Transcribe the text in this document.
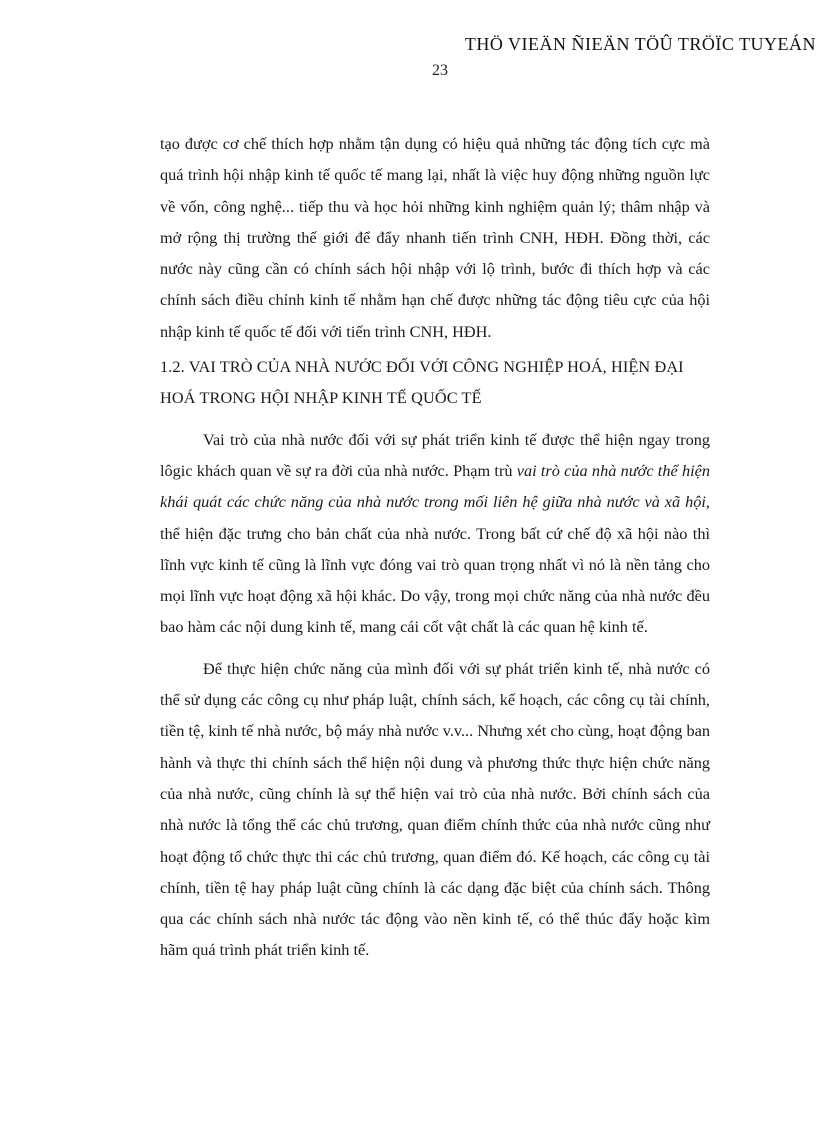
THÖ VIEÄN ÑIEÄN TÖÛ TRÖÏC TUYEÁN
23

tạo được cơ chế thích hợp nhằm tận dụng có hiệu quả những tác động tích cực mà quá trình hội nhập kinh tế quốc tế mang lại, nhất là việc huy động những nguồn lực về vốn, công nghệ... tiếp thu và học hỏi những kinh nghiệm quản lý; thâm nhập và mở rộng thị trường thế giới để đẩy nhanh tiến trình CNH, HĐH. Đồng thời, các nước này cũng cần có chính sách hội nhập với lộ trình, bước đi thích hợp và các chính sách điều chỉnh kinh tế nhằm hạn chế được những tác động tiêu cực của hội nhập kinh tế quốc tế đối với tiến trình CNH, HĐH.

1.2. VAI TRÒ CỦA NHÀ NƯỚC ĐỐI VỚI CÔNG NGHIỆP HOÁ, HIỆN ĐẠI HOÁ TRONG HỘI NHẬP KINH TẾ QUỐC TẾ

Vai trò của nhà nước đối với sự phát triển kinh tế được thể hiện ngay trong lôgic khách quan về sự ra đời của nhà nước. Phạm trù vai trò của nhà nước thể hiện khái quát các chức năng của nhà nước trong mối liên hệ giữa nhà nước và xã hội, thể hiện đặc trưng cho bản chất của nhà nước. Trong bất cứ chế độ xã hội nào thì lĩnh vực kinh tế cũng là lĩnh vực đóng vai trò quan trọng nhất vì nó là nền tảng cho mọi lĩnh vực hoạt động xã hội khác. Do vậy, trong mọi chức năng của nhà nước đều bao hàm các nội dung kinh tế, mang cái cốt vật chất là các quan hệ kinh tế.

Để thực hiện chức năng của mình đối với sự phát triển kinh tế, nhà nước có thể sử dụng các công cụ như pháp luật, chính sách, kế hoạch, các công cụ tài chính, tiền tệ, kinh tế nhà nước, bộ máy nhà nước v.v... Nhưng xét cho cùng, hoạt động ban hành và thực thi chính sách thể hiện nội dung và phương thức thực hiện chức năng của nhà nước, cũng chính là sự thể hiện vai trò của nhà nước. Bởi chính sách của nhà nước là tổng thể các chủ trương, quan điểm chính thức của nhà nước cũng như hoạt động tổ chức thực thi các chủ trương, quan điểm đó. Kế hoạch, các công cụ tài chính, tiền tệ hay pháp luật cũng chính là các dạng đặc biệt của chính sách. Thông qua các chính sách nhà nước tác động vào nền kinh tế, có thể thúc đẩy hoặc kìm hãm quá trình phát triển kinh tế.
